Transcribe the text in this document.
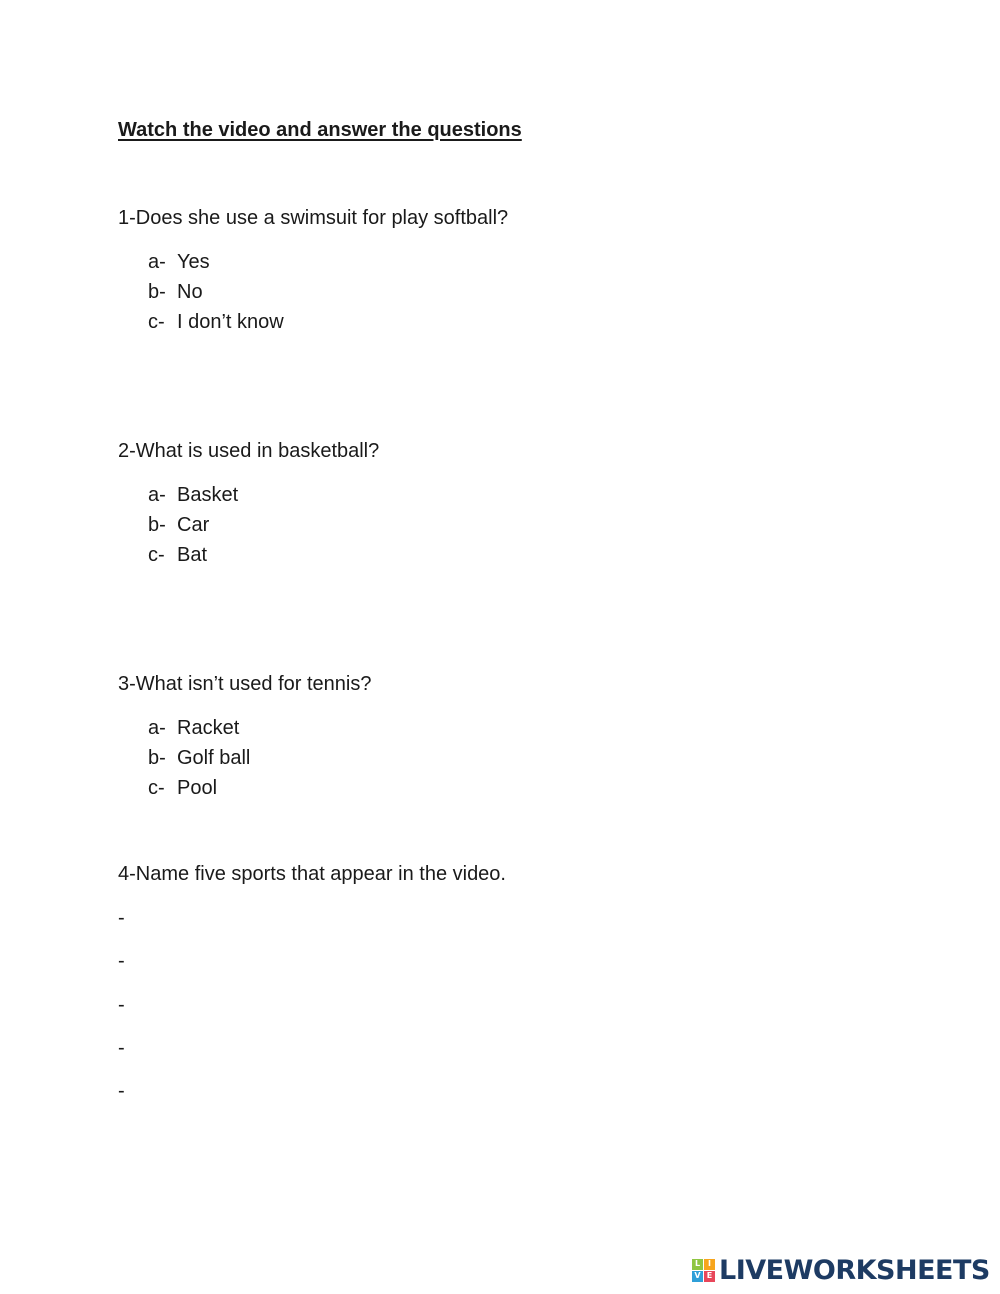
Watch the video and answer the questions

1-Does she use a swimsuit for play softball?

a- Yes
b- No
c- I don’t know

2-What is used in basketball?

a- Basket
b- Car
c- Bat

3-What isn’t used for tennis?

a- Racket
b- Golf ball
c- Pool

4-Name five sports that appear in the video.

-
-
-
-
-
L I
V E LIVEWORKSHEETS
